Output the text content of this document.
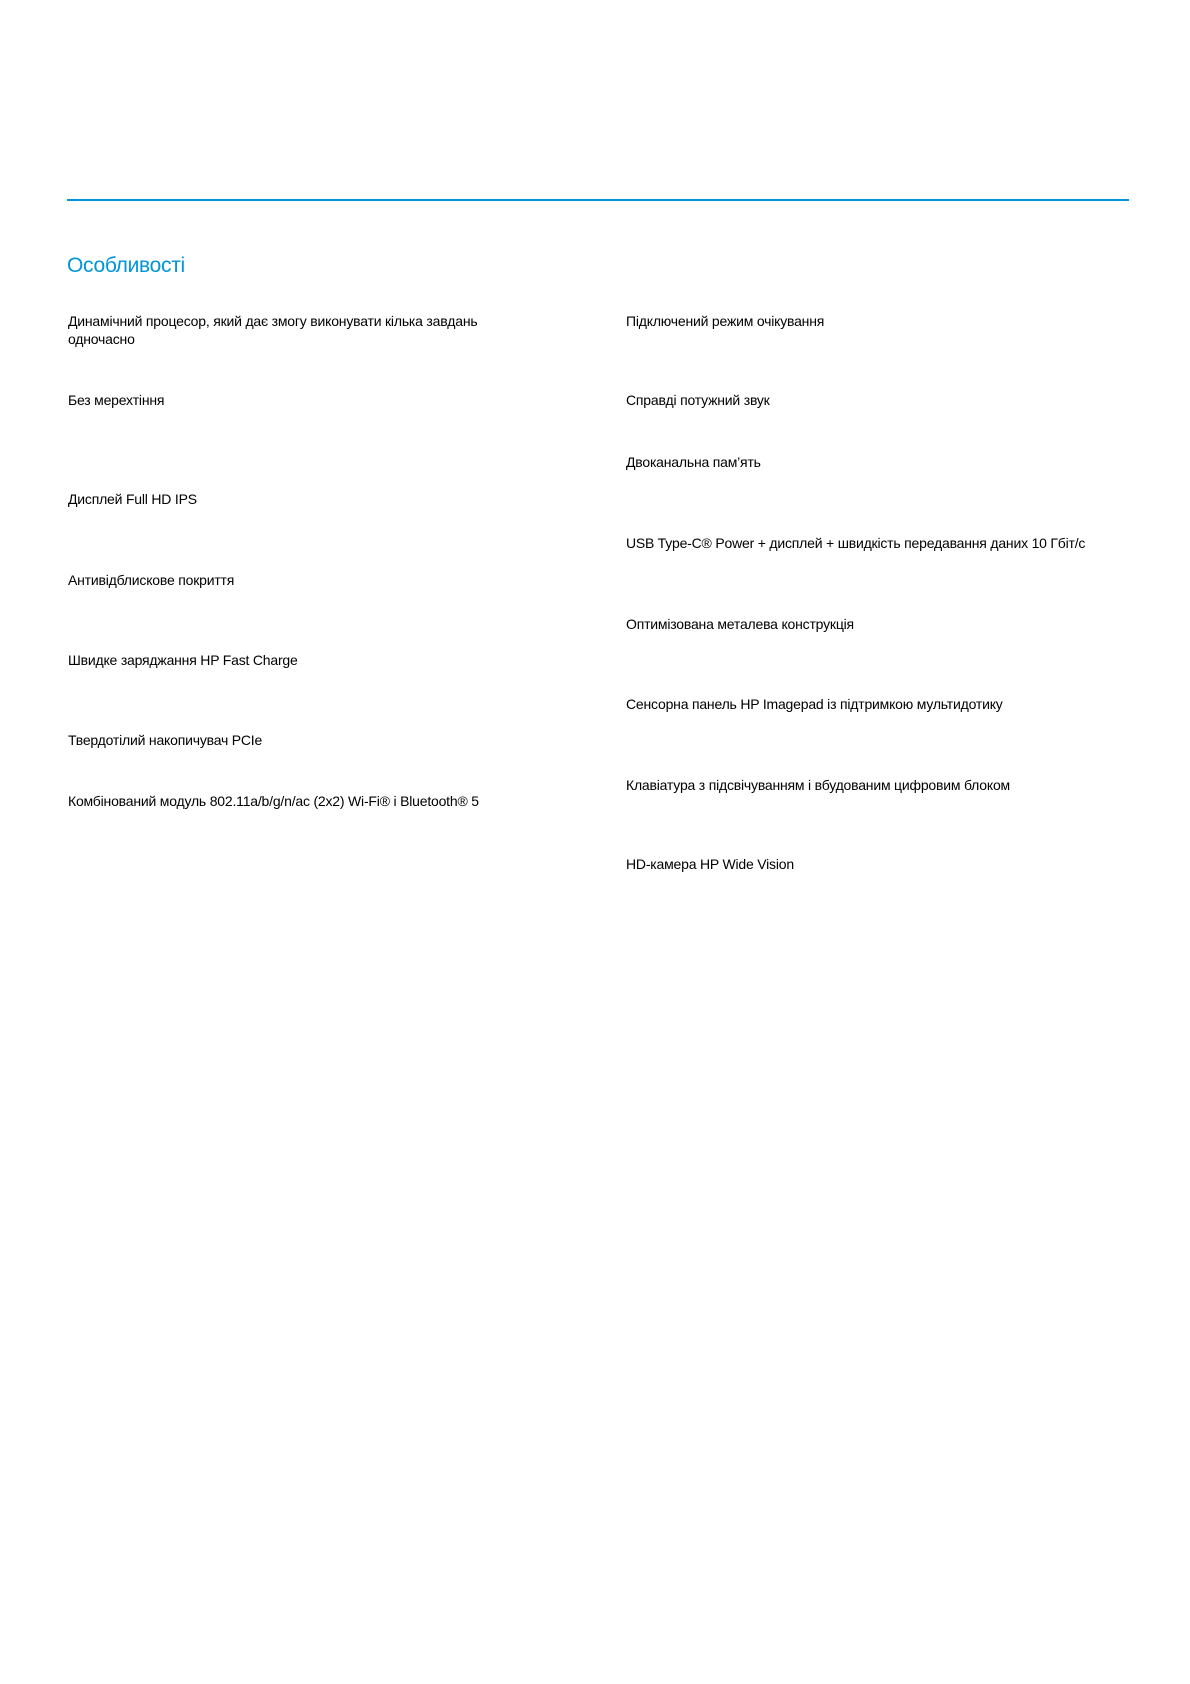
Особливості

Динамічний процесор, який дає змогу виконувати кілька завдань одночасно

Без мерехтіння

Дисплей Full HD IPS

Антивідблискове покриття

Швидке заряджання HP Fast Charge

Твердотілий накопичувач PCIe

Комбінований модуль 802.11a/b/g/n/ac (2x2) Wi‑Fi® і Bluetooth® 5

Підключений режим очікування

Справді потужний звук

Двоканальна пам’ять

USB Type‑C® Power + дисплей + швидкість передавання даних 10 Гбіт/с

Оптимізована металева конструкція

Сенсорна панель HP Imagepad із підтримкою мультидотику

Клавіатура з підсвічуванням і вбудованим цифровим блоком

HD‑камера HP Wide Vision
